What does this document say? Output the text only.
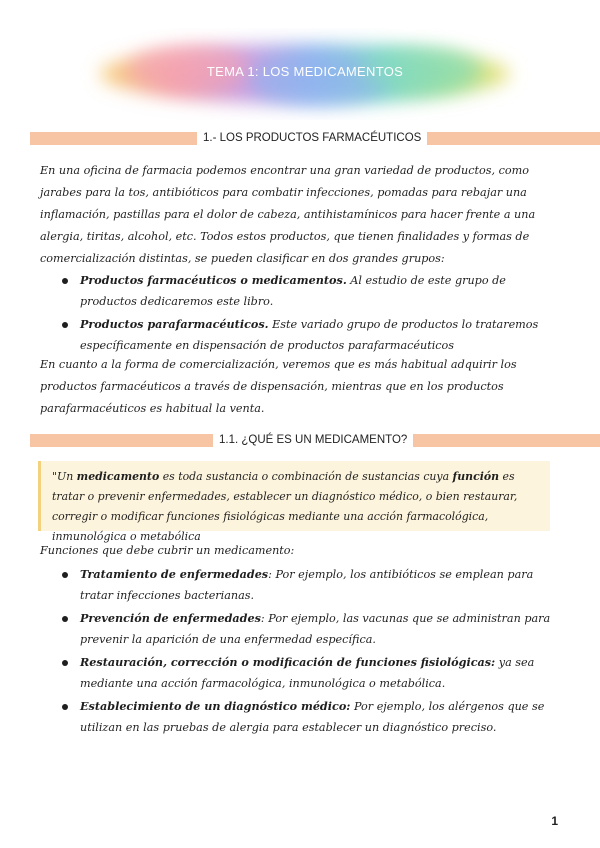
TEMA 1: LOS MEDICAMENTOS
1.- LOS PRODUCTOS FARMACÉUTICOS

En una oficina de farmacia podemos encontrar una gran variedad de productos, como jarabes para la tos, antibióticos para combatir infecciones, pomadas para rebajar una inflamación, pastillas para el dolor de cabeza, antihistamínicos para hacer frente a una alergia, tiritas, alcohol, etc. Todos estos productos, que tienen finalidades y formas de comercialización distintas, se pueden clasificar en dos grandes grupos:

Productos farmacéuticos o medicamentos. Al estudio de este grupo de productos dedicaremos este libro.
Productos parafarmacéuticos. Este variado grupo de productos lo trataremos específicamente en dispensación de productos parafarmacéuticos

En cuanto a la forma de comercialización, veremos que es más habitual adquirir los productos farmacéuticos a través de dispensación, mientras que en los productos parafarmacéuticos es habitual la venta.

1.1. ¿QUÉ ES UN MEDICAMENTO?

"Un medicamento es toda sustancia o combinación de sustancias cuya función es tratar o prevenir enfermedades, establecer un diagnóstico médico, o bien restaurar, corregir o modificar funciones fisiológicas mediante una acción farmacológica, inmunológica o metabólica

Funciones que debe cubrir un medicamento:

Tratamiento de enfermedades: Por ejemplo, los antibióticos se emplean para tratar infecciones bacterianas.
Prevención de enfermedades: Por ejemplo, las vacunas que se administran para prevenir la aparición de una enfermedad específica.
Restauración, corrección o modificación de funciones fisiológicas: ya sea mediante una acción farmacológica, inmunológica o metabólica.
Establecimiento de un diagnóstico médico: Por ejemplo, los alérgenos que se utilizan en las pruebas de alergia para establecer un diagnóstico preciso.
1
